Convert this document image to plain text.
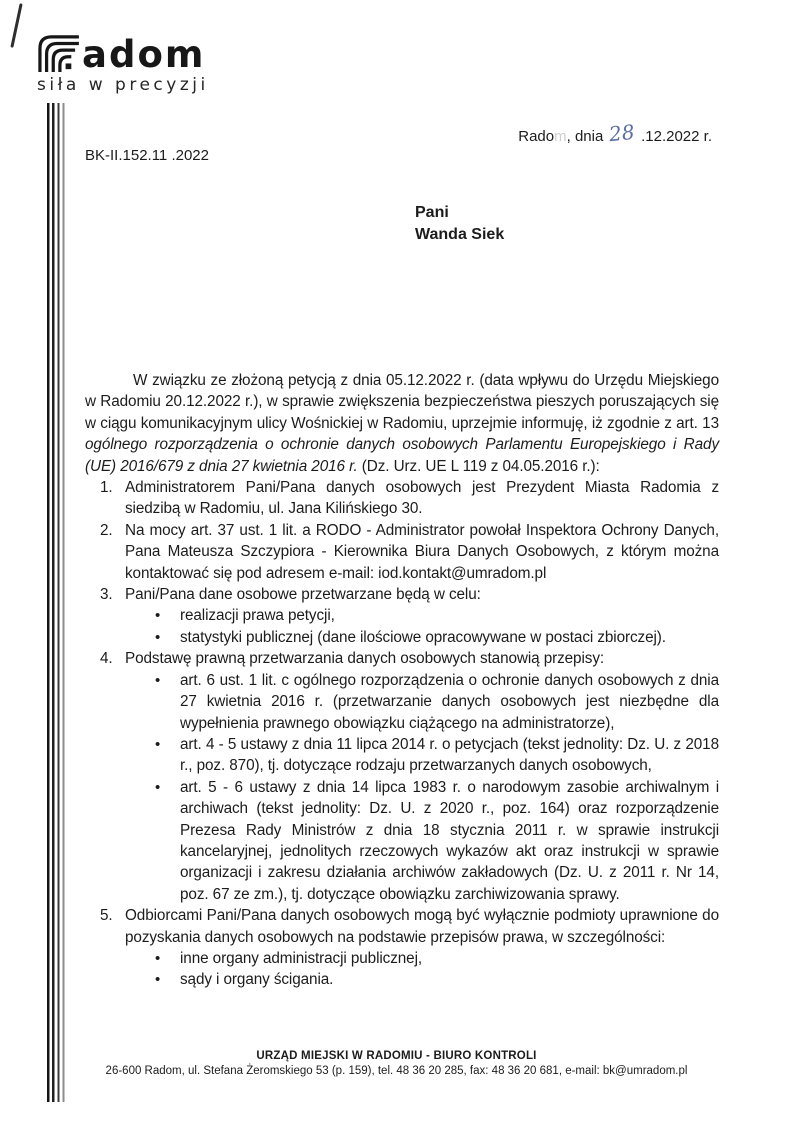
adom
siła w precyzji
Radom, dnia 28 .12.2022 r.
BK-II.152.11 .2022
Pani
Wanda Siek

W związku ze złożoną petycją z dnia 05.12.2022 r. (data wpływu do Urzędu Miejskiego w Radomiu 20.12.2022 r.), w sprawie zwiększenia bezpieczeństwa pieszych poruszających się w ciągu komunikacyjnym ulicy Wośnickiej w Radomiu, uprzejmie informuję, iż zgodnie z art. 13 ogólnego rozporządzenia o ochronie danych osobowych Parlamentu Europejskiego i Rady (UE) 2016/679 z dnia 27 kwietnia 2016 r. (Dz. Urz. UE L 119 z 04.05.2016 r.):

1. Administratorem Pani/Pana danych osobowych jest Prezydent Miasta Radomia z siedzibą w Radomiu, ul. Jana Kilińskiego 30.
2. Na mocy art. 37 ust. 1 lit. a RODO - Administrator powołał Inspektora Ochrony Danych, Pana Mateusza Szczypiora - Kierownika Biura Danych Osobowych, z którym można kontaktować się pod adresem e-mail: iod.kontakt@umradom.pl
3. Pani/Pana dane osobowe przetwarzane będą w celu:
• realizacji prawa petycji,
• statystyki publicznej (dane ilościowe opracowywane w postaci zbiorczej).
4. Podstawę prawną przetwarzania danych osobowych stanowią przepisy:
• art. 6 ust. 1 lit. c ogólnego rozporządzenia o ochronie danych osobowych z dnia 27 kwietnia 2016 r. (przetwarzanie danych osobowych jest niezbędne dla wypełnienia prawnego obowiązku ciążącego na administratorze),
• art. 4 - 5 ustawy z dnia 11 lipca 2014 r. o petycjach (tekst jednolity: Dz. U. z 2018 r., poz. 870), tj. dotyczące rodzaju przetwarzanych danych osobowych,
• art. 5 - 6 ustawy z dnia 14 lipca 1983 r. o narodowym zasobie archiwalnym i archiwach (tekst jednolity: Dz. U. z 2020 r., poz. 164) oraz rozporządzenie Prezesa Rady Ministrów z dnia 18 stycznia 2011 r. w sprawie instrukcji kancelaryjnej, jednolitych rzeczowych wykazów akt oraz instrukcji w sprawie organizacji i zakresu działania archiwów zakładowych (Dz. U. z 2011 r. Nr 14, poz. 67 ze zm.), tj. dotyczące obowiązku zarchiwizowania sprawy.
5. Odbiorcami Pani/Pana danych osobowych mogą być wyłącznie podmioty uprawnione do pozyskania danych osobowych na podstawie przepisów prawa, w szczególności:
• inne organy administracji publicznej,
• sądy i organy ścigania.
URZĄD MIEJSKI W RADOMIU - BIURO KONTROLI
26-600 Radom, ul. Stefana Żeromskiego 53 (p. 159), tel. 48 36 20 285, fax: 48 36 20 681, e-mail: bk@umradom.pl
